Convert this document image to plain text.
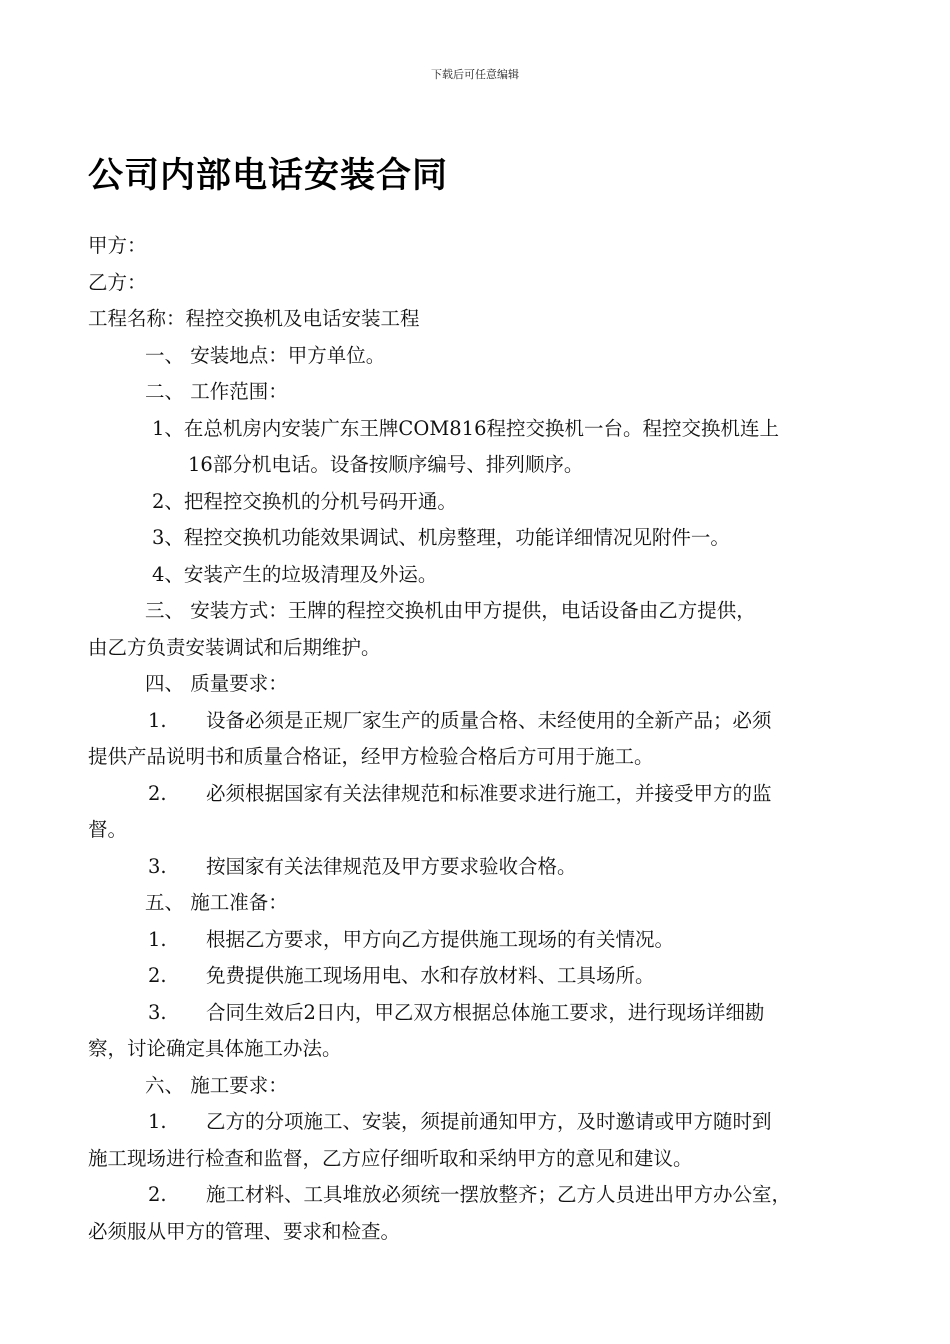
下载后可任意编辑
公司内部电话安装合同
甲方：
乙方：
工程名称：程控交换机及电话安装工程
一、 安装地点：甲方单位。
二、 工作范围：
1、在总机房内安装广东王牌COM816程控交换机一台。程控交换机连上
16部分机电话。设备按顺序编号、排列顺序。
2、把程控交换机的分机号码开通。
3、程控交换机功能效果调试、机房整理，功能详细情况见附件一。
4、安装产生的垃圾清理及外运。
三、 安装方式：王牌的程控交换机由甲方提供，电话设备由乙方提供，
由乙方负责安装调试和后期维护。
四、 质量要求：
1. 设备必须是正规厂家生产的质量合格、未经使用的全新产品；必须
提供产品说明书和质量合格证，经甲方检验合格后方可用于施工。
2. 必须根据国家有关法律规范和标准要求进行施工，并接受甲方的监
督。
3. 按国家有关法律规范及甲方要求验收合格。
五、 施工准备：
1. 根据乙方要求，甲方向乙方提供施工现场的有关情况。
2. 免费提供施工现场用电、水和存放材料、工具场所。
3. 合同生效后2日内，甲乙双方根据总体施工要求，进行现场详细勘
察，讨论确定具体施工办法。
六、 施工要求：
1. 乙方的分项施工、安装，须提前通知甲方，及时邀请或甲方随时到
施工现场进行检查和监督，乙方应仔细听取和采纳甲方的意见和建议。
2. 施工材料、工具堆放必须统一摆放整齐；乙方人员进出甲方办公室，
必须服从甲方的管理、要求和检查。
